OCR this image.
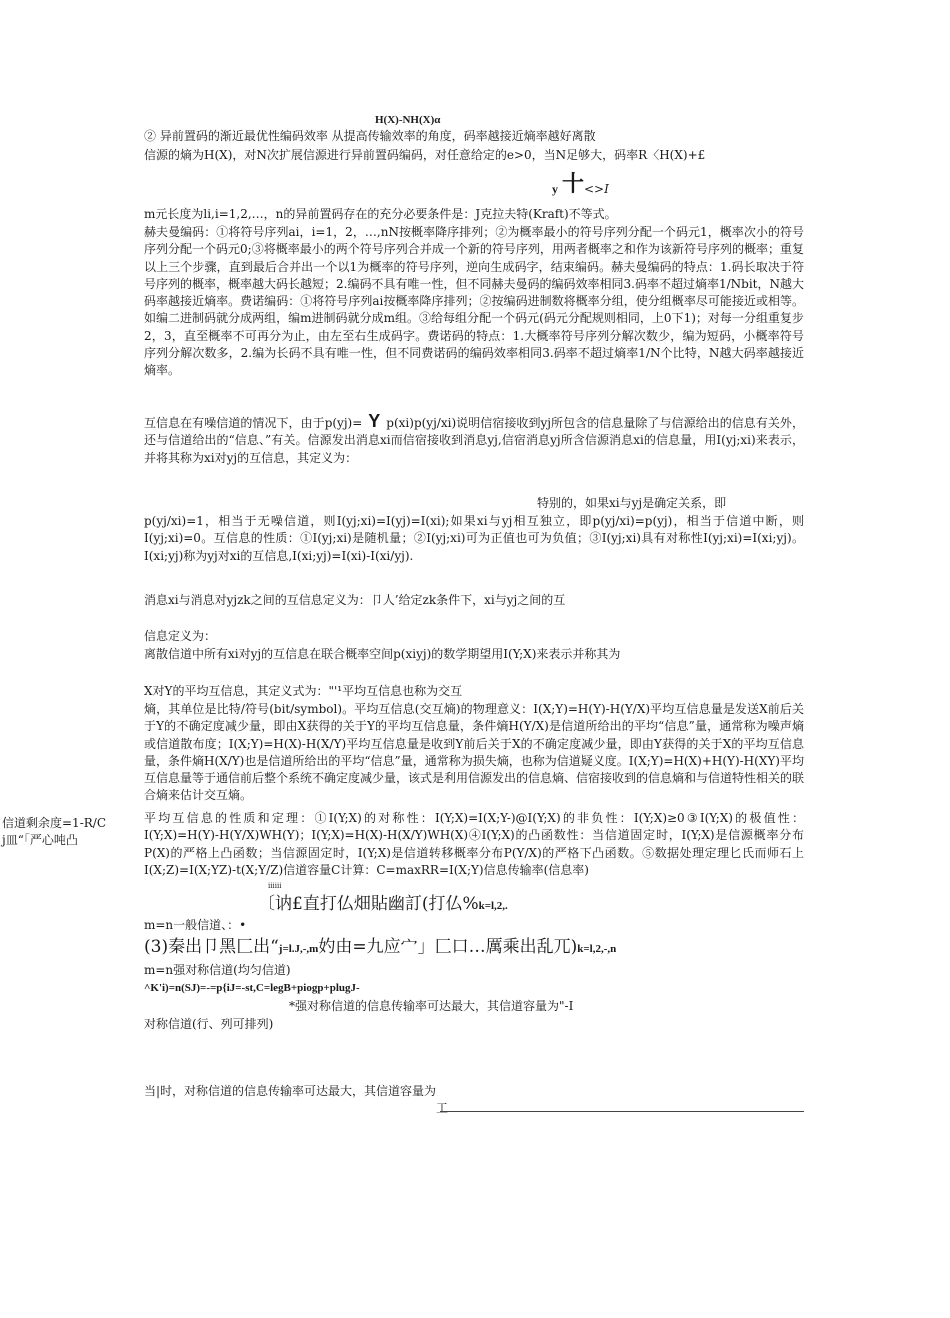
H(X)-NH(X)α
② 异前置码的渐近最优性编码效率 从提高传输效率的角度，码率越接近熵率越好离散
信源的熵为H(X)，对N次扩展信源进行异前置码编码，对任意给定的e>0，当N足够大，码率R〈H(X)+£
y 十 <>I
m元长度为li,i=1,2,…，n的异前置码存在的充分必要条件是：J克拉夫特(Kraft)不等式。
赫夫曼编码：①将符号序列ai，i=1，2，…,nN按概率降序排列；②为概率最小的符号序列分配一个码元1，概率次小的符号序列分配一个码元0;③将概率最小的两个符号序列合并成一个新的符号序列，用两者概率之和作为该新符号序列的概率；重复以上三个步骤，直到最后合并出一个以1为概率的符号序列，逆向生成码字，结束编码。赫夫曼编码的特点：1.码长取决于符号序列的概率，概率越大码长越短；2.编码不具有唯一性，但不同赫夫曼码的编码效率相同3.码率不超过熵率1/Nbit，N越大码率越接近熵率。费诺编码：①将符号序列ai按概率降序排列；②按编码进制数将概率分组，使分组概率尽可能接近或相等。如编二进制码就分成两组，编m进制码就分成m组。③给每组分配一个码元(码元分配规则相同，上0下1)；对每一分组重复步2，3，直至概率不可再分为止，由左至右生成码字。费诺码的特点：1.大概率符号序列分解次数少，编为短码，小概率符号序列分解次数多，2.编为长码不具有唯一性，但不同费诺码的编码效率相同3.码率不超过熵率1/N个比特，N越大码率越接近熵率。
互信息在有噪信道的情况下，由于p(yj)= Y p(xi)p(yj/xi)说明信宿接收到yj所包含的信息量除了与信源给出的信息有关外，还与信道给出的“信息、”有关。信源发出消息xi而信宿接收到消息yj,信宿消息yj所含信源消息xi的信息量，用I(yj;xi)来表示，并将其称为xi对yj的互信息，其定义为：
特别的，如果xi与yj是确定关系，即
p(yj/xi)=1，相当于无噪信道，则I(yj;xi)=I(yj)=I(xi);如果xi与yj相互独立，即p(yj/xi)=p(yj)，相当于信道中断，则I(yj;xi)=0。互信息的性质：①I(yj;xi)是随机量；②I(yj;xi)可为正值也可为负值；③I(yj;xi)具有对称性I(yj;xi)=I(xi;yj)。I(xi;yj)称为yj对xi的互信息,I(xi;yj)=I(xi)-I(xi/yj).
消息xi与消息对yjzk之间的互信息定义为：卩人’给定zk条件下，xi与yj之间的互
信息定义为：
离散信道中所有xi对yj的互信息在联合概率空间p(xiyj)的数学期望用I(Y;X)来表示并称其为
X对Y的平均互信息，其定义式为："'¹平均互信息也称为交互
熵，其单位是比特/符号(bit/symbol)。平均互信息(交互熵)的物理意义：I(X;Y)=H(Y)-H(Y/X)平均互信息量是发送X前后关于Y的不确定度减少量，即由X获得的关于Y的平均互信息量，条件熵H(Y/X)是信道所给出的平均“信息”量，通常称为噪声熵或信道散布度；I(X;Y)=H(X)-H(X/Y)平均互信息量是收到Y前后关于X的不确定度减少量，即由Y获得的关于X的平均互信息量，条件熵H(X/Y)也是信道所给出的平均“信息”量，通常称为损失熵，也称为信道疑义度。I(X;Y)=H(X)+H(Y)-H(XY)平均互信息量等于通信前后整个系统不确定度减少量，该式是利用信源发出的信息熵、信宿接收到的信息熵和与信道特性相关的联合熵来估计交互熵。
平均互信息的性质和定理：①I(Y;X)的对称性：I(Y;X)=I(X;Y-)@I(Y;X)的非负性：I(Y;X)≥0③I(Y;X)的极值性：I(Y;X)=H(Y)-H(Y/X)WH(Y)；I(Y;X)=H(X)-H(X/Y)WH(X)④I(Y;X)的凸函数性：当信道固定时，I(Y;X)是信源概率分布P(X)的严格上凸函数；当信源固定时，I(Y;X)是信道转移概率分布P(Y/X)的严格下凸函数。⑤数据处理定理匕氏而师石上I(X;Z)=I(X;YZ)-t(X;Y/Z)信道容量C计算：C=maxRR=I(X;Y)信息传输率(信息率)
信道剩余度=1-R/C
j皿“「严心吨凸
ⅲⅲ
〔讷£直打仏畑貼幽訂(打仏%k=l,2,.
m=n一般信道、：•
(3)秦出卩黑匚出“j=l.J,-,m妁由=九应宀」匚口…厲乘出乱兀)k=l,2,-,n
m=n强对称信道(均匀信道)
^K'i)=n(SJ)=-=p{iJ=-st,C=legB+piogp+plugJ-
*强对称信道的信息传输率可达最大，其信道容量为"-I
对称信道(行、列可排列)
当|时，对称信道的信息传输率可达最大，其信道容量为
工
